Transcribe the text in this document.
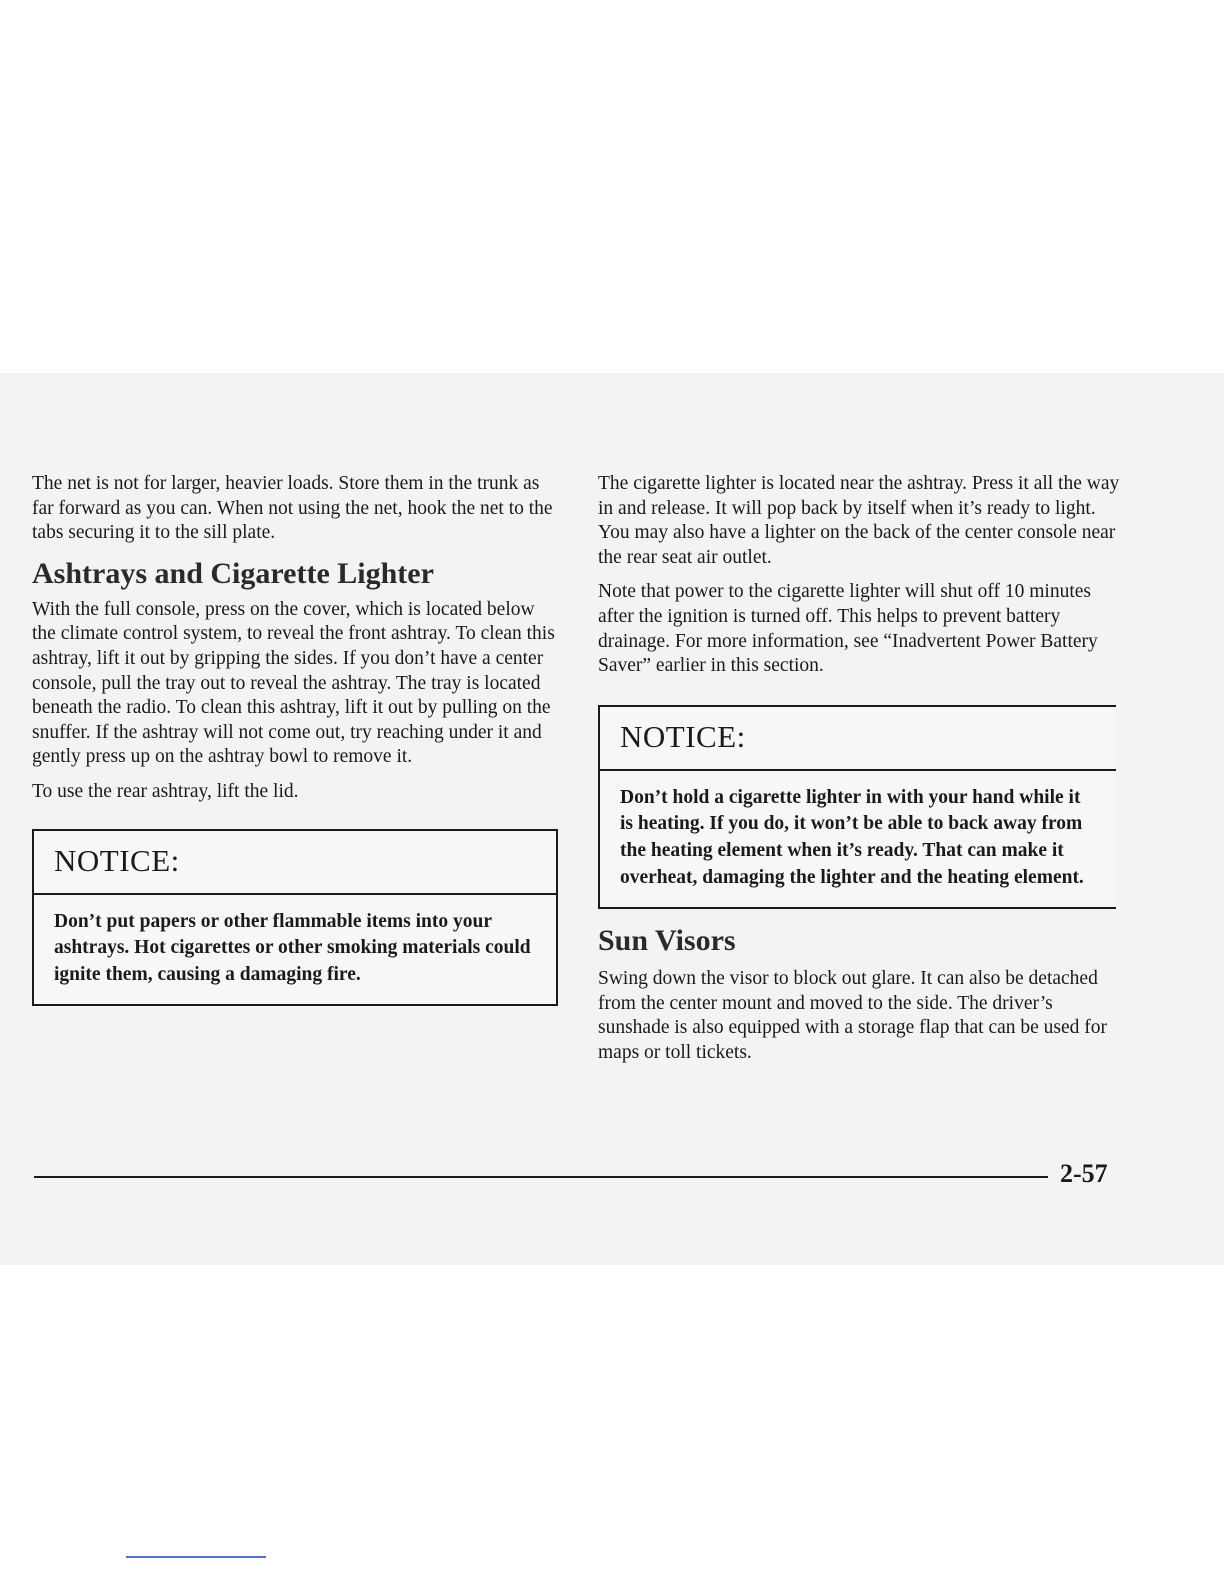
The net is not for larger, heavier loads. Store them in the trunk as far forward as you can. When not using the net, hook the net to the tabs securing it to the sill plate.

Ashtrays and Cigarette Lighter

With the full console, press on the cover, which is located below the climate control system, to reveal the front ashtray. To clean this ashtray, lift it out by gripping the sides. If you don’t have a center console, pull the tray out to reveal the ashtray. The tray is located beneath the radio. To clean this ashtray, lift it out by pulling on the snuffer. If the ashtray will not come out, try reaching under it and gently press up on the ashtray bowl to remove it.

To use the rear ashtray, lift the lid.

NOTICE:
Don’t put papers or other flammable items into your ashtrays. Hot cigarettes or other smoking materials could ignite them, causing a damaging fire.

The cigarette lighter is located near the ashtray. Press it all the way in and release. It will pop back by itself when it’s ready to light. You may also have a lighter on the back of the center console near the rear seat air outlet.

Note that power to the cigarette lighter will shut off 10 minutes after the ignition is turned off. This helps to prevent battery drainage. For more information, see “Inadvertent Power Battery Saver” earlier in this section.

NOTICE:
Don’t hold a cigarette lighter in with your hand while it is heating. If you do, it won’t be able to back away from the heating element when it’s ready. That can make it overheat, damaging the lighter and the heating element.
Sun Visors

Swing down the visor to block out glare. It can also be detached from the center mount and moved to the side. The driver’s sunshade is also equipped with a storage flap that can be used for maps or toll tickets.

2-57
